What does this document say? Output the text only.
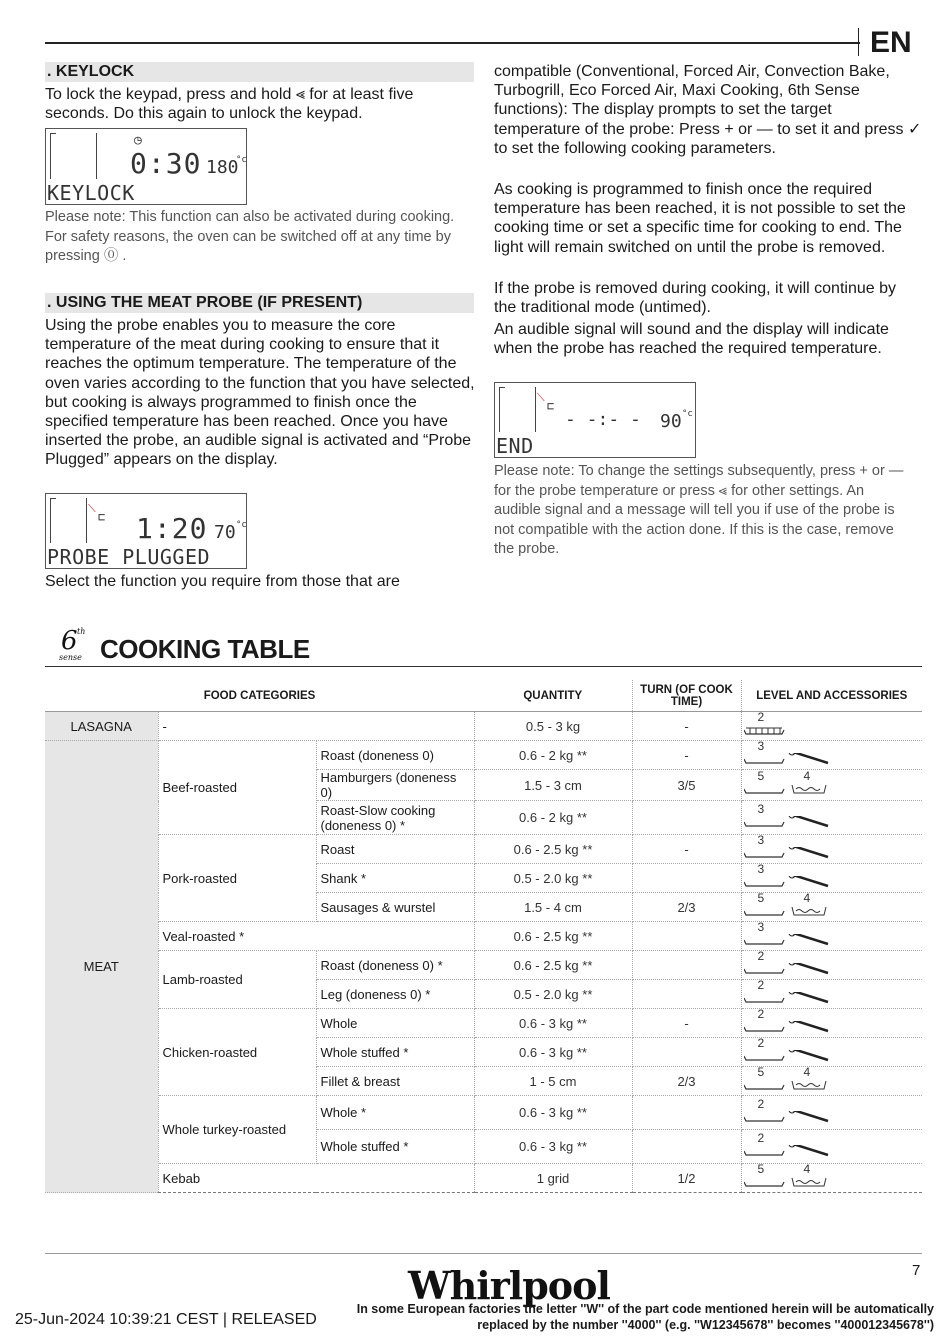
EN
. KEYLOCK
To lock the keypad, press and hold ⪡ for at least five seconds. Do this again to unlock the keypad.
◷
0:30 180
°c
KEYLOCK
Please note: This function can also be activated during cooking. For safety reasons, the oven can be switched off at any time by pressing ⓪ .
. USING THE MEAT PROBE (IF PRESENT)
Using the probe enables you to measure the core temperature of the meat during cooking to ensure that it reaches the optimum temperature. The temperature of the oven varies according to the function that you have selected, but cooking is always programmed to finish once the specified temperature has been reached. Once you have inserted the probe, an audible signal is activated and “Probe Plugged” appears on the display.
⟍
⊏ 1:20 70 °c
PROBE PLUGGED
Select the function you require from those that are
compatible (Conventional, Forced Air, Convection Bake, Turbogrill, Eco Forced Air, Maxi Cooking, 6th Sense functions): The display prompts to set the target temperature of the probe: Press + or — to set it and press ✓ to set the following cooking parameters.
As cooking is programmed to finish once the required temperature has been reached, it is not possible to set the cooking time or set a specific time for cooking to end. The light will remain switched on until the probe is removed.
If the probe is removed during cooking, it will continue by the traditional mode (untimed).
An audible signal will sound and the display will indicate when the probe has reached the required temperature.
⟍
⊏
- -:- - 90 °c
END
Please note: To change the settings subsequently, press + or — for the probe temperature or press ⪡ for other settings. An audible signal and a message will tell you if use of the probe is not compatible with the action done. If this is the case, remove the probe.
6 th
sense COOKING TABLE
FOOD CATEGORIES			QUANTITY	TURN (OF COOK TIME)	LEVEL AND ACCESSORIES
LASAGNA	-		0.5 - 3 kg	-	2

MEAT	Beef-roasted	Roast (doneness 0)	0.6 - 2 kg **	-	3

		Hamburgers (doneness 0)	1.5 - 3 cm	3/5	5 4

		Roast-Slow cooking (doneness 0) *	0.6 - 2 kg **		3

	Pork-roasted	Roast	0.6 - 2.5 kg **	-	3

		Shank *	0.5 - 2.0 kg **		3

		Sausages & wurstel	1.5 - 4 cm	2/3	5 4

	Veal-roasted *		0.6 - 2.5 kg **		3

	Lamb-roasted	Roast (doneness 0) *	0.6 - 2.5 kg **		2

		Leg (doneness 0) *	0.5 - 2.0 kg **		2

	Chicken-roasted	Whole	0.6 - 3 kg **	-	2

		Whole stuffed *	0.6 - 3 kg **		2

		Fillet & breast	1 - 5 cm	2/3	5 4

	Whole turkey-roasted	Whole *	0.6 - 3 kg **		2

		Whole stuffed *	0.6 - 3 kg **		2

	Kebab		1 grid	1/2	5 4
7
Whirlpool
25-Jun-2024 10:39:21 CEST | RELEASED
In some European factories the letter ''W'' of the part code mentioned herein will be automatically
replaced by the number ''4000'' (e.g. ''W12345678'' becomes ''400012345678'')
